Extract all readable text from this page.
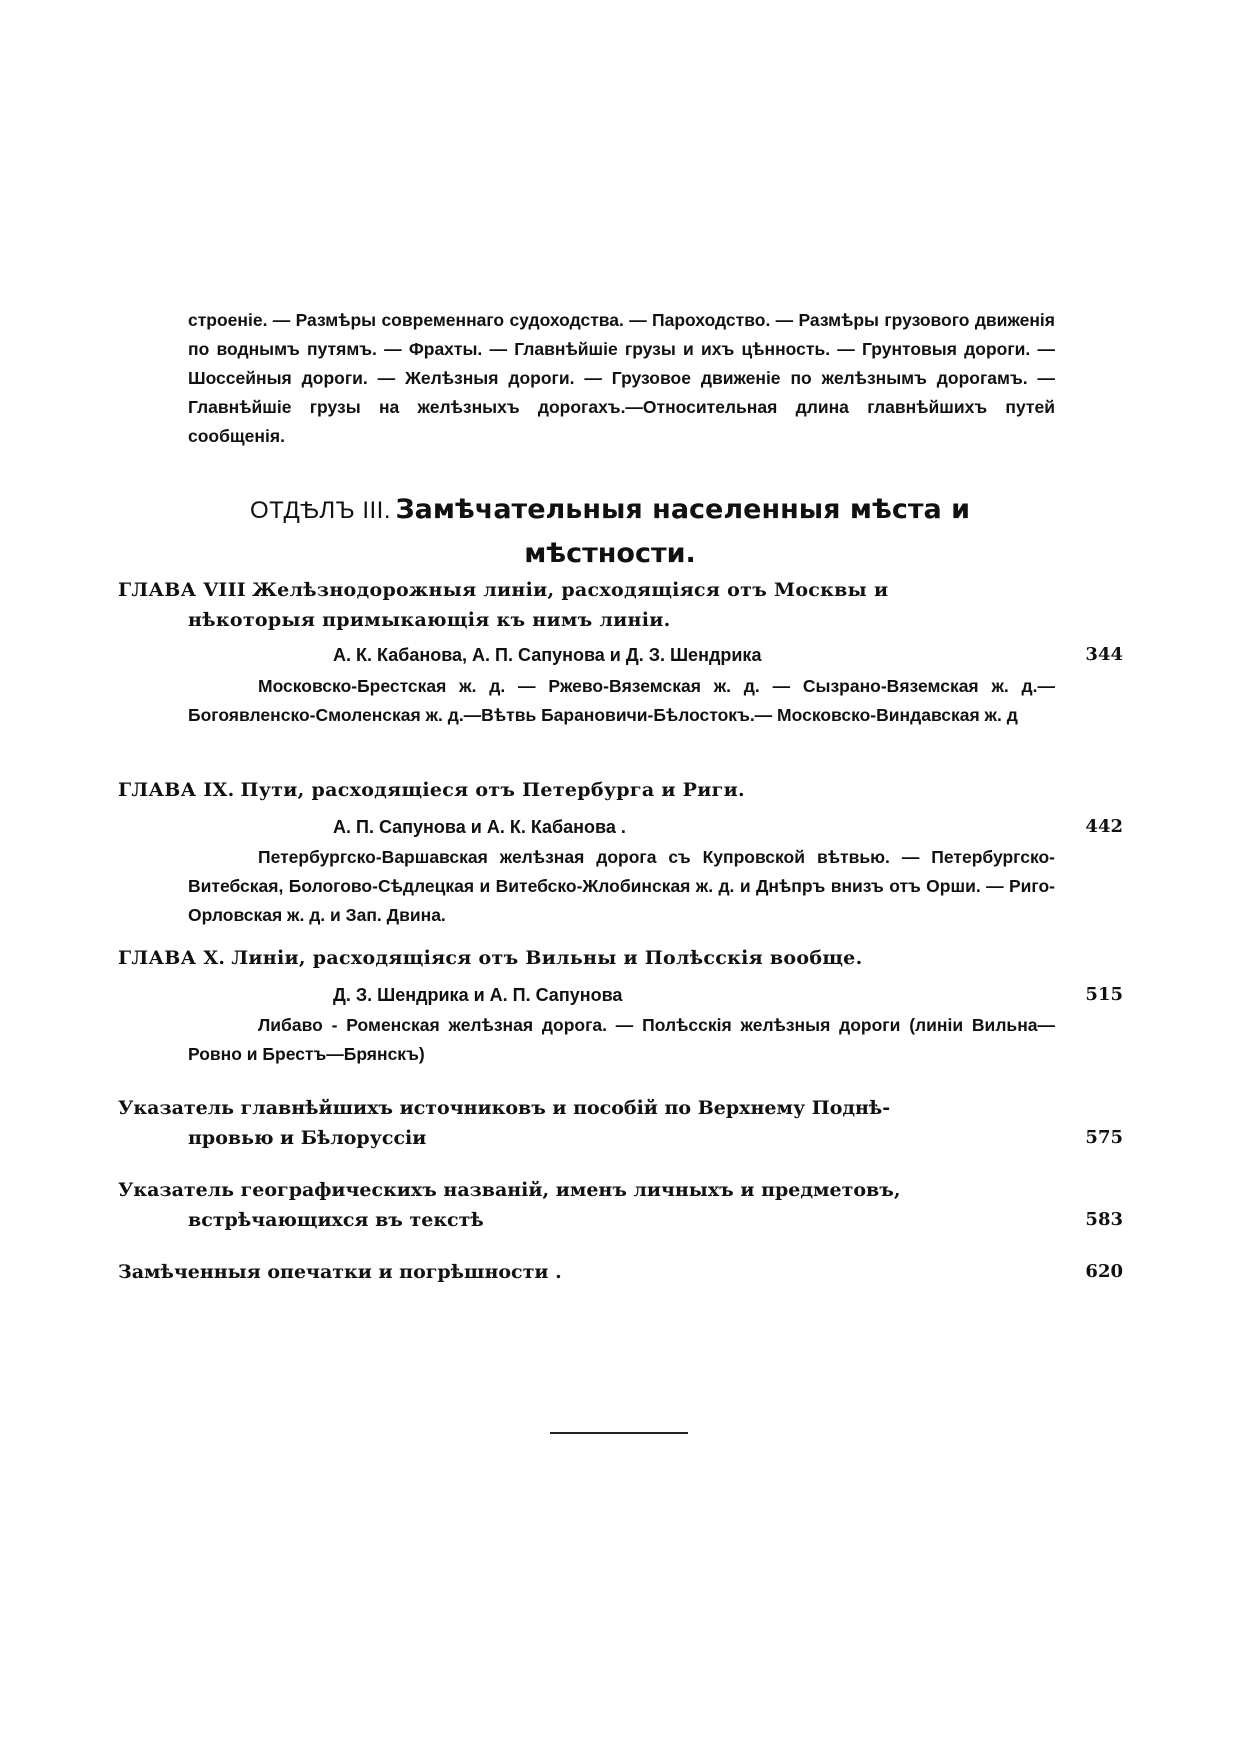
строеніе. — Размѣры современнаго судоходства. — Пароходство. — Размѣры грузового движенія по воднымъ путямъ. — Фрахты. — Главнѣйшіе грузы и ихъ цѣнность. — Грунтовыя дороги. — Шоссейныя дороги. — Желѣзныя дороги. — Грузовое движеніе по желѣзнымъ дорогамъ. — Главнѣйшіе грузы на желѣзныхъ дорогахъ.—Относительная длина главнѣйшихъ путей сообщенія.

ОТДѢЛЪ III. Замѣчательныя населенныя мѣста и
мѣстности.
ГЛАВА VIII Желѣзнодорожныя линіи, расходящіяся отъ Москвы и
нѣкоторыя примыкающія къ нимъ линіи.
А. К. Кабанова, А. П. Сапунова и Д. З. Шендрика	344

Московско-Брестская ж. д. — Ржево-Вяземская ж. д. — Сызрано-Вяземская ж. д.—Богоявленско-Смоленская ж. д.—Вѣтвь Барановичи-Бѣлостокъ.— Московско-Виндавская ж. д

ГЛАВА IX. Пути, расходящіеся отъ Петербурга и Риги.
А. П. Сапунова и А. К. Кабанова .	442

Петербургско-Варшавская желѣзная дорога съ Купровской вѣтвью. — Петербургско-Витебская, Бологово-Сѣдлецкая и Витебско-Жлобинская ж. д. и Днѣпръ внизъ отъ Орши. — Риго-Орловская ж. д. и Зап. Двина.

ГЛАВА X. Линіи, расходящіяся отъ Вильны и Полѣсскія вообще.
Д. З. Шендрика и А. П. Сапунова	515

Либаво - Роменская желѣзная дорога. — Полѣсскія желѣзныя дороги (линіи Вильна—Ровно и Брестъ—Брянскъ)

Указатель главнѣйшихъ источниковъ и пособій по Верхнему Поднѣ-
провью и Бѣлоруссіи	575
Указатель географическихъ названій, именъ личныхъ и предметовъ,
встрѣчающихся въ текстѣ	583
Замѣченныя опечатки и погрѣшности .	620
